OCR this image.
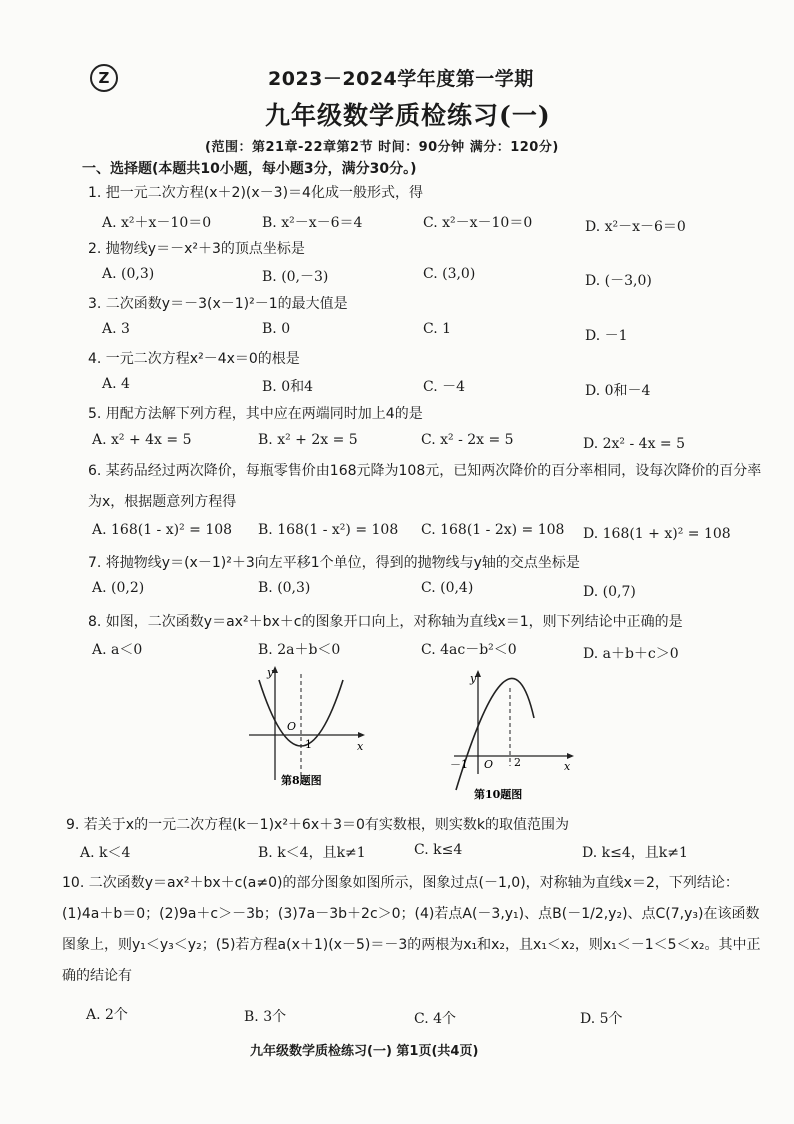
Z	2023－2024学年度第一学期
九年级数学质检练习(一)
(范围：第21章-22章第2节 时间：90分钟 满分：120分)
一、选择题(本题共10小题，每小题3分，满分30分。)
1. 把一元二次方程(x＋2)(x－3)＝4化成一般形式，得
A. x²＋x－10＝0	B. x²－x－6＝4	C. x²－x－10＝0	D. x²－x－6＝0
2. 抛物线y＝－x²＋3的顶点坐标是
A. (0,3)	B. (0,－3)	C. (3,0)	D. (－3,0)
3. 二次函数y＝－3(x－1)²－1的最大值是
A. 3	B. 0	C. 1	D. －1
4. 一元二次方程x²－4x＝0的根是
A. 4	B. 0和4	C. －4	D. 0和－4
5. 用配方法解下列方程，其中应在两端同时加上4的是
A. x² + 4x = 5	B. x² + 2x = 5	C. x² - 2x = 5	D. 2x² - 4x = 5
6. 某药品经过两次降价，每瓶零售价由168元降为108元，已知两次降价的百分率相同，设每次降价的百分率为x，根据题意列方程得
A. 168(1 - x)² = 108 B. 168(1 - x²) = 108 C. 168(1 - 2x) = 108 D. 168(1 + x)² = 108
7. 将抛物线y＝(x－1)²＋3向左平移1个单位，得到的抛物线与y轴的交点坐标是
A. (0,2)	B. (0,3)	C. (0,4)	D. (0,7)
8. 如图，二次函数y＝ax²＋bx＋c的图象开口向上，对称轴为直线x＝1，则下列结论中正确的是
A. a＜0	B. 2a＋b＜0	C. 4ac－b²＜0	D. a＋b＋c＞0
y
x
O
1
第8题图
y
x
O
－1	2
第10题图
9. 若关于x的一元二次方程(k－1)x²＋6x＋3＝0有实数根，则实数k的取值范围为
A. k＜4	B. k＜4，且k≠1	C. k≤4	D. k≤4，且k≠1
10. 二次函数y＝ax²＋bx＋c(a≠0)的部分图象如图所示，图象过点(－1,0)，对称轴为直线x＝2，下列结论：(1)4a＋b＝0；(2)9a＋c＞－3b；(3)7a－3b＋2c＞0；(4)若点A(－3,y₁)、点B(－1/2,y₂)、点C(7,y₃)在该函数图象上，则y₁＜y₃＜y₂；(5)若方程a(x＋1)(x－5)＝－3的两根为x₁和x₂，且x₁＜x₂，则x₁＜－1＜5＜x₂。其中正确的结论有
A. 2个	B. 3个	C. 4个	D. 5个
九年级数学质检练习(一) 第1页(共4页)
